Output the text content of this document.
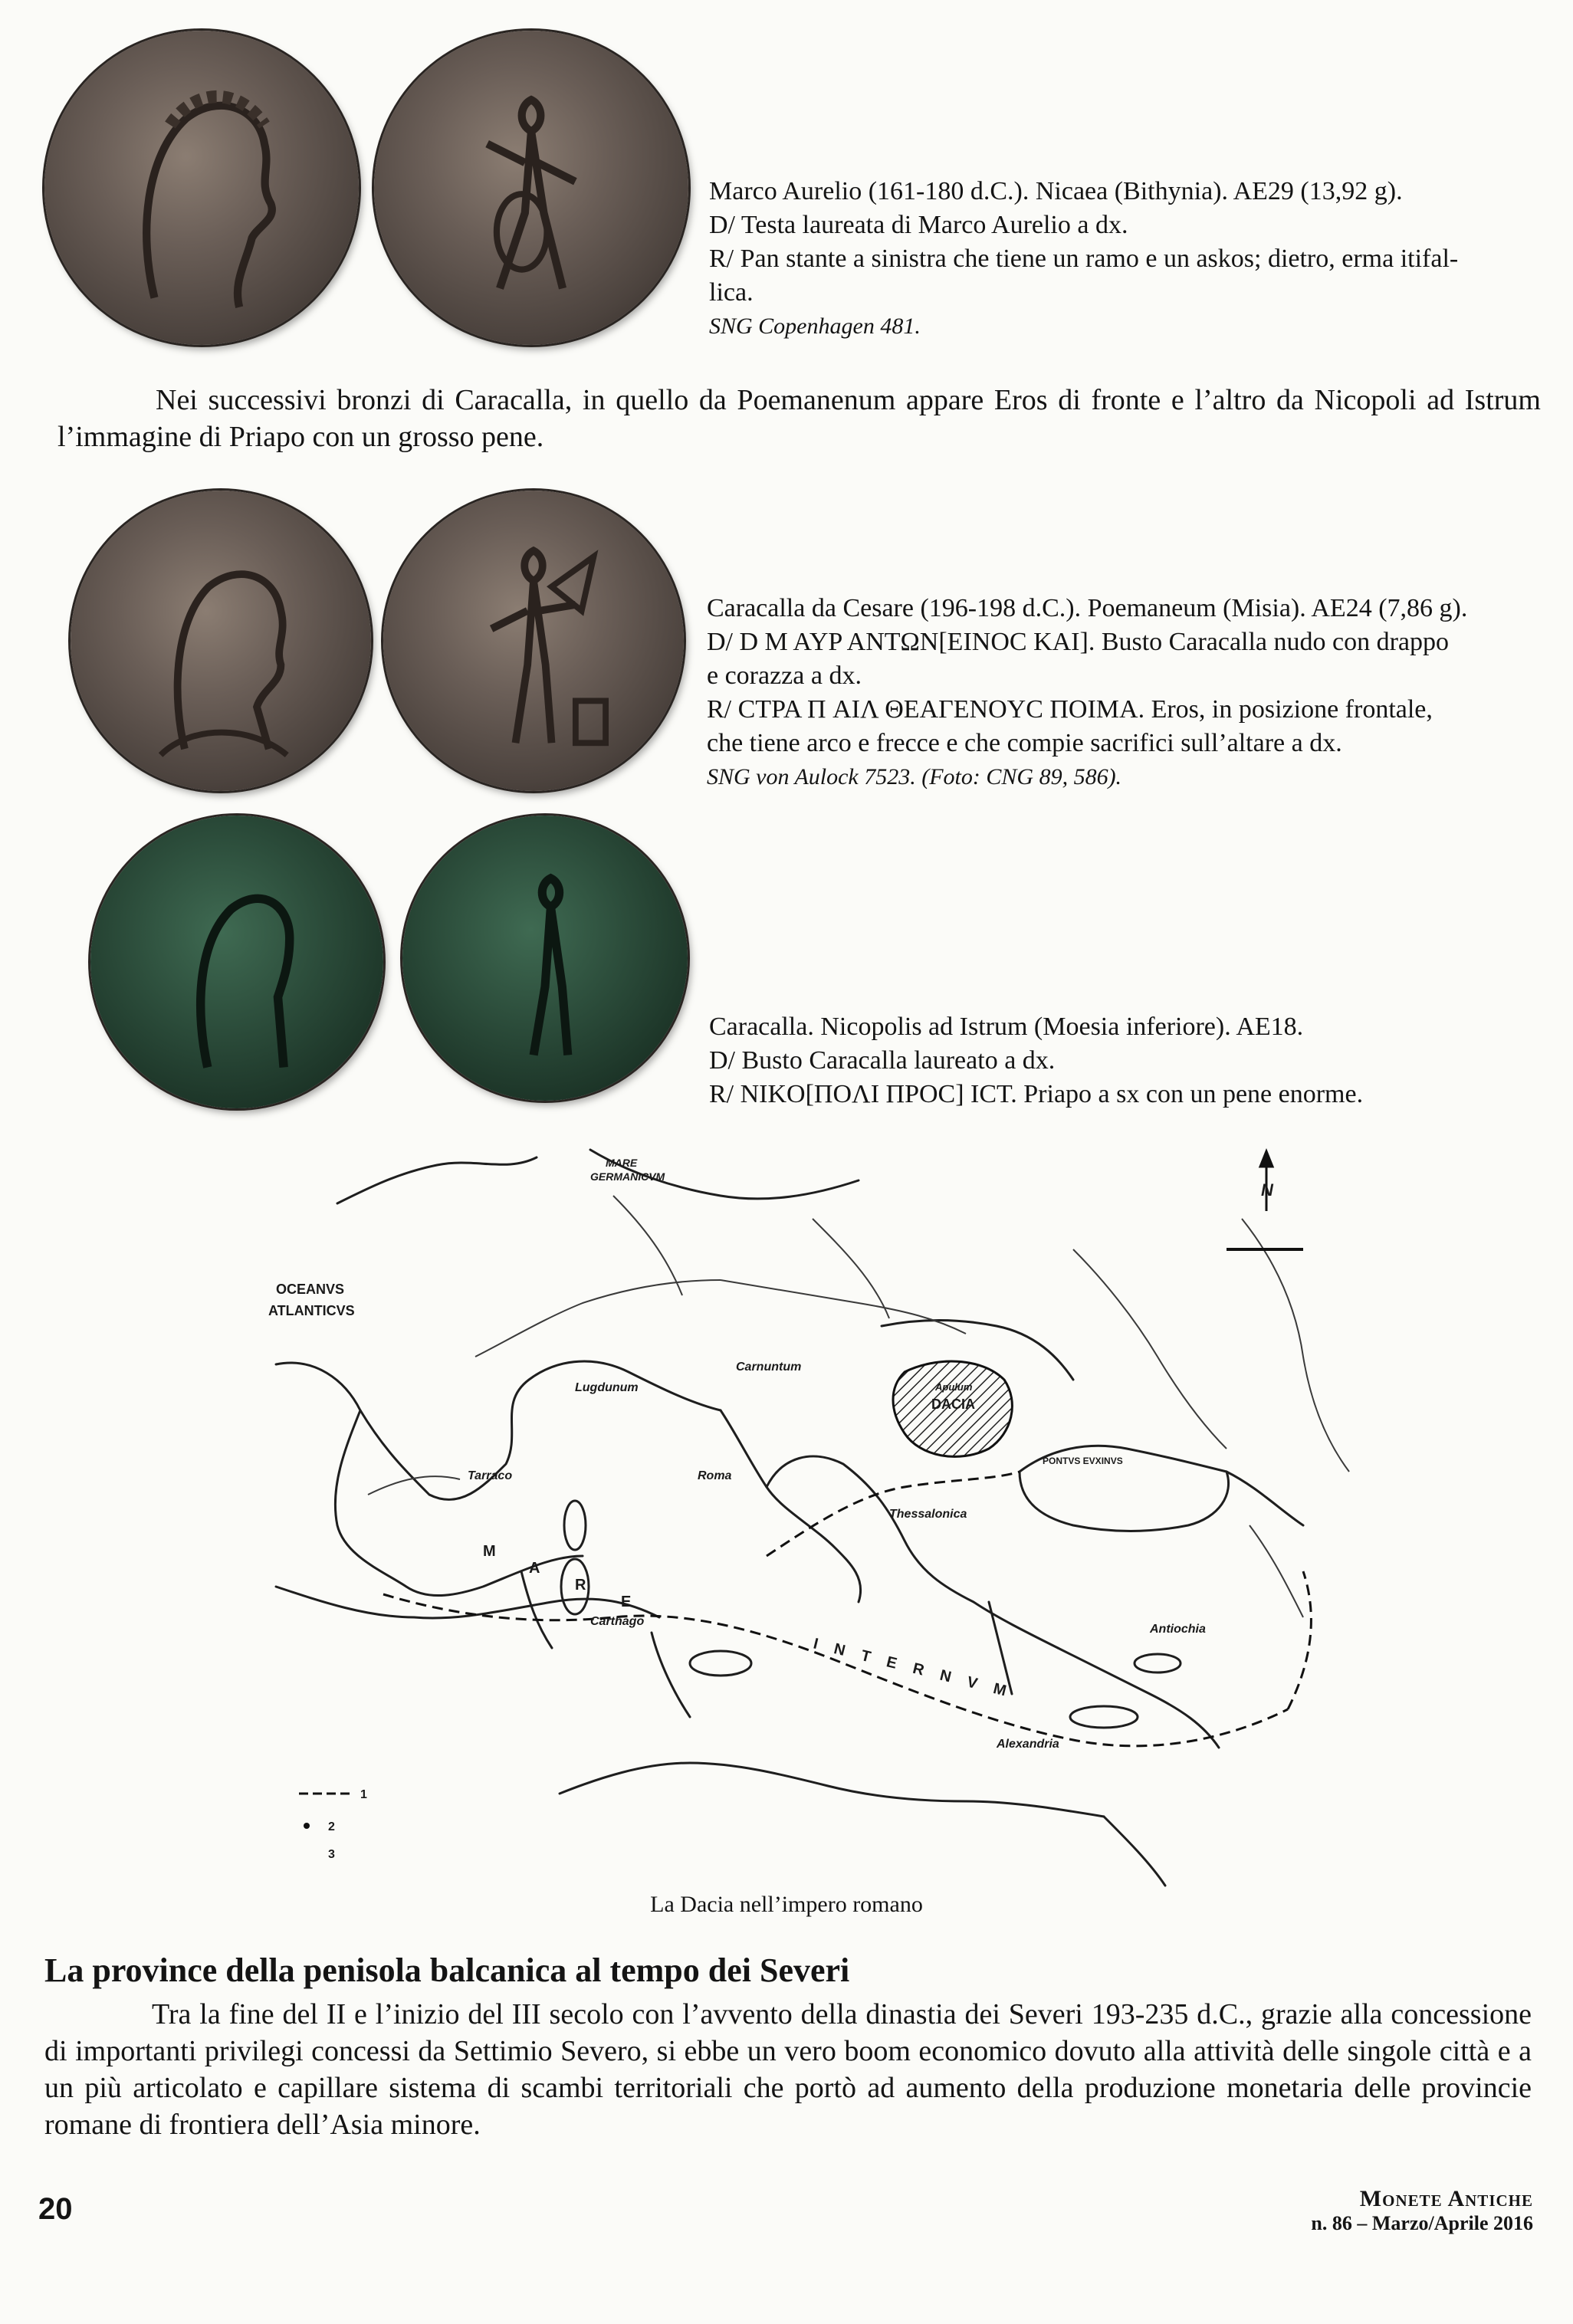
Marco Aurelio (161-180 d.C.). Nicaea (Bithynia). AE29 (13,92 g).
D/ Testa laureata di Marco Aurelio a dx.
R/ Pan stante a sinistra che tiene un ramo e un askos; dietro, erma itifal-
lica.
SNG Copenhagen 481.
Nei successivi bronzi di Caracalla, in quello da Poemanenum appare Eros di fronte e l’altro da Nicopoli ad Istrum l’immagine di Priapo con un grosso pene.
Caracalla da Cesare (196-198 d.C.). Poemaneum (Misia). AE24 (7,86 g).
D/ D M AYP ANTΩN[EINOC KAI]. Busto Caracalla nudo con drappo
e corazza a dx.
R/ CTPA Π AIΛ ΘEAΓENOYC ΠOIMA. Eros, in posizione frontale,
che tiene arco e frecce e che compie sacrifici sull’altare a dx.
SNG von Aulock 7523. (Foto: CNG 89, 586).
Caracalla. Nicopolis ad Istrum (Moesia inferiore). AE18.
D/ Busto Caracalla laureato a dx.
R/ NIKO[ΠOΛI ΠPOC] ICT. Priapo a sx con un pene enorme.
N
MARE
GERMANICVM
OCEANVS
ATLANTICVS
Carnuntum
Lugdunum
Tarraco	Roma
DACIA
Apulum
PONTVS EVXINVS
Thessalonica
M
A
R
E
INTERNVM
Carthago
Antiochia
Alexandria
1
2
3
La Dacia nell’impero romano
La province della penisola balcanica al tempo dei Severi
Tra la fine del II e l’inizio del III secolo con l’avvento della dinastia dei Severi 193-235 d.C., grazie alla concessione di importanti privilegi concessi da Settimio Severo, si ebbe un vero boom economico dovuto alla attività delle singole città e a un più articolato e capillare sistema di scambi territoriali che portò ad aumento della produzione monetaria delle provincie romane di frontiera dell’Asia minore.
20	Monete Antiche
n. 86 – Marzo/Aprile 2016
